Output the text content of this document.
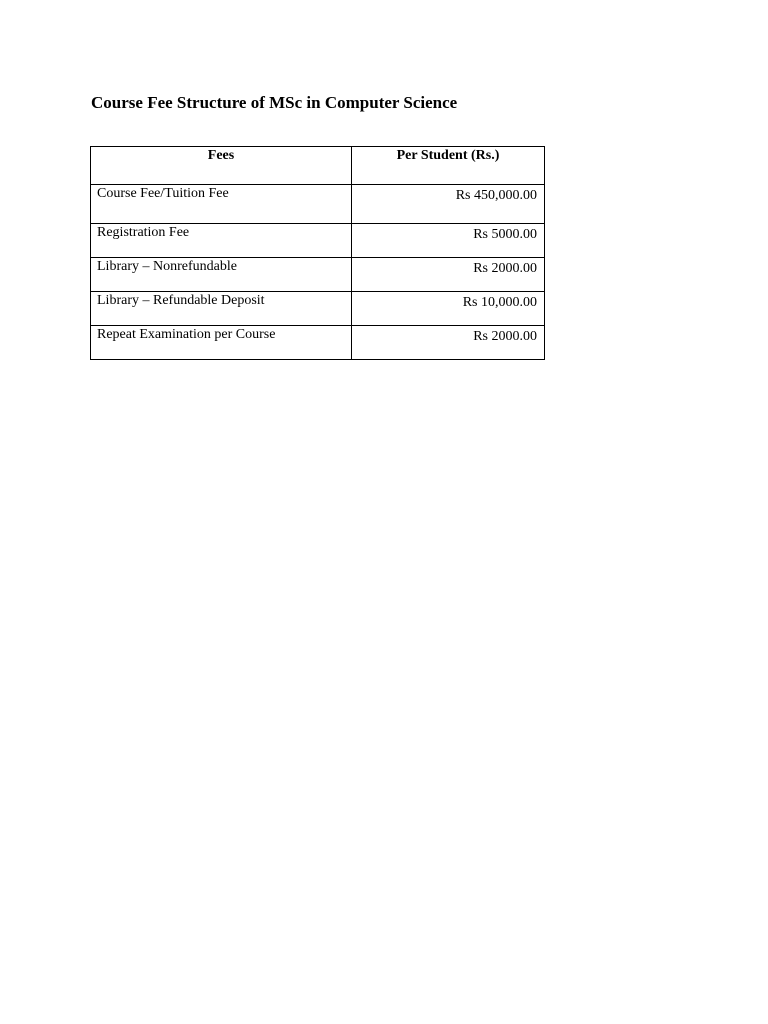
Course Fee Structure of MSc in Computer Science
Fees	Per Student (Rs.)
Course Fee/Tuition Fee	Rs 450,000.00
Registration Fee	Rs 5000.00
Library – Nonrefundable	Rs 2000.00
Library – Refundable Deposit	Rs 10,000.00
Repeat Examination per Course	Rs 2000.00
